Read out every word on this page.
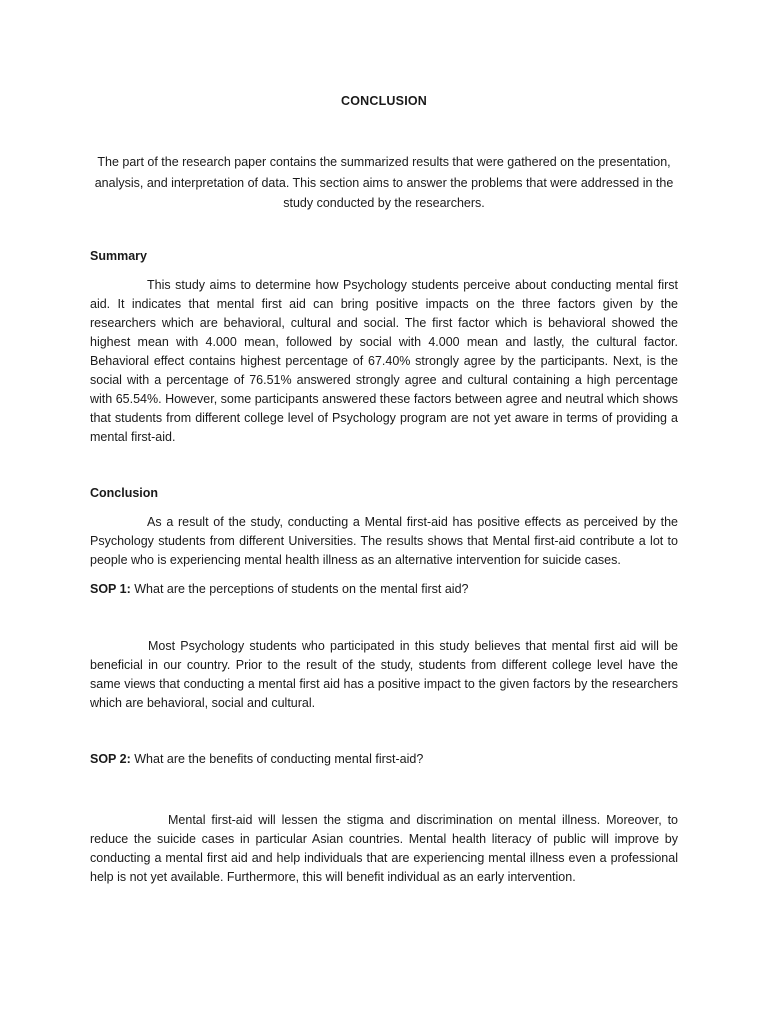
CONCLUSION

The part of the research paper contains the summarized results that were gathered on the presentation, analysis, and interpretation of data. This section aims to answer the problems that were addressed in the study conducted by the researchers.

Summary

This study aims to determine how Psychology students perceive about conducting mental first aid. It indicates that mental first aid can bring positive impacts on the three factors given by the researchers which are behavioral, cultural and social. The first factor which is behavioral showed the highest mean with 4.000 mean, followed by social with 4.000 mean and lastly, the cultural factor. Behavioral effect contains highest percentage of 67.40% strongly agree by the participants. Next, is the social with a percentage of 76.51% answered strongly agree and cultural containing a high percentage with 65.54%. However, some participants answered these factors between agree and neutral which shows that students from different college level of Psychology program are not yet aware in terms of providing a mental first-aid.

Conclusion

As a result of the study, conducting a Mental first-aid has positive effects as perceived by the Psychology students from different Universities. The results shows that Mental first-aid contribute a lot to people who is experiencing mental health illness as an alternative intervention for suicide cases.

SOP 1: What are the perceptions of students on the mental first aid?

Most Psychology students who participated in this study believes that mental first aid will be beneficial in our country. Prior to the result of the study, students from different college level have the same views that conducting a mental first aid has a positive impact to the given factors by the researchers which are behavioral, social and cultural.

SOP 2: What are the benefits of conducting mental first-aid?

Mental first-aid will lessen the stigma and discrimination on mental illness. Moreover, to reduce the suicide cases in particular Asian countries. Mental health literacy of public will improve by conducting a mental first aid and help individuals that are experiencing mental illness even a professional help is not yet available. Furthermore, this will benefit individual as an early intervention.
